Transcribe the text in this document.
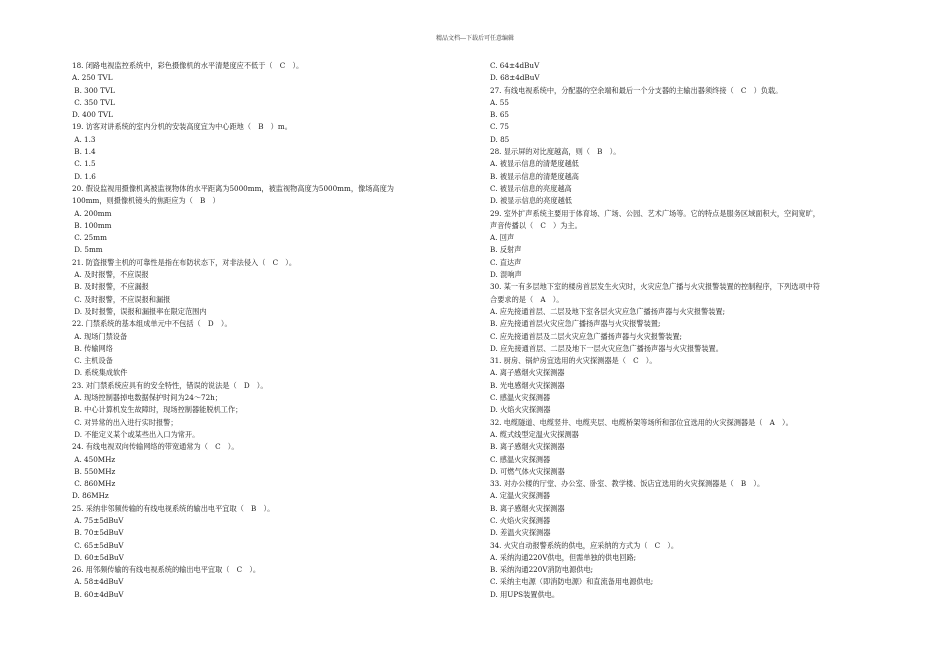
精品文档---下载后可任意编辑
18. 闭路电视监控系统中，彩色摄像机的水平清楚度应不低于（　C　）。
A. 250 TVL
B. 300 TVL
C. 350 TVL
D. 400 TVL
19. 访客对讲系统的室内分机的安装高度宜为中心距地（　B　）m。
A. 1.3
B. 1.4
C. 1.5
D. 1.6
20. 假设监视用摄像机离被监视物体的水平距离为5000mm，被监视物高度为5000mm，像场高度为
100mm，则摄像机镜头的焦距应为（　B　）
A. 200mm
B. 100mm
C. 25mm
D. 5mm
21. 防盗报警主机的可靠性是指在布防状态下，对非法侵入（　C　）。
A. 及时报警，不应误报
B. 及时报警，不应漏报
C. 及时报警，不应误报和漏报
D. 及时报警，误报和漏报率在限定范围内
22. 门禁系统的基本组成单元中不包括（　D　）。
A. 现场门禁设备
B. 传输网络
C. 主机设备
D. 系统集成软件
23. 对门禁系统应具有的安全特性，错误的说法是（　D　）。
A. 现场控制器掉电数据保护时间为24～72h；
B. 中心计算机发生故障时，现场控制器能脱机工作；
C. 对异常的出入进行实时报警；
D. 不能定义某个或某些出入口为常开。
24. 有线电视双向传输网络的带宽通常为（　C　）。
A. 450MHz
B. 550MHz
C. 860MHz
D. 86MHz
25. 采纳非邻频传输的有线电视系统的输出电平宜取（　B　）。
A. 75±5dBuV
B. 70±5dBuV
C. 65±5dBuV
D. 60±5dBuV
26. 用邻频传输的有线电视系统的输出电平宜取（　C　）。
A. 58±4dBuV
B. 60±4dBuV
C. 64±4dBuV
D. 68±4dBuV
27. 有线电视系统中，分配器的空余端和最后一个分支器的主输出器须终接（　C　）负载。
A. 55
B. 65
C. 75
D. 85
28. 显示屏的对比度越高，则（　B　）。
A. 被显示信息的清楚度越低
B. 被显示信息的清楚度越高
C. 被显示信息的亮度越高
D. 被显示信息的亮度越低
29. 室外扩声系统主要用于体育场、广场、公园、艺术广场等。它的特点是服务区域面积大，空间宽旷，
声音传播以（　C　）为主。
A. 回声
B. 反射声
C. 直达声
D. 混响声
30. 某一有多层地下室的楼房首层发生火灾时，火灾应急广播与火灾报警装置的控制程序，下列选项中符
合要求的是（　A　）。
A. 应先接通首层、二层及地下室各层火灾应急广播扬声器与火灾报警装置;
B. 应先接通首层火灾应急广播扬声器与火灾报警装置;
C. 应先接通首层及二层火灾应急广播扬声器与火灾报警装置;
D. 应先接通首层、二层及地下一层火灾应急广播扬声器与火灾报警装置。
31. 厨房、锅炉房宜选用的火灾探测器是（　C　）。
A. 离子感烟火灾探测器
B. 光电感烟火灾探测器
C. 感温火灾探测器
D. 火焰火灾探测器
32. 电缆隧道、电缆竖井、电缆夹层、电缆桥架等场所和部位宜选用的火灾探测器是（　A　）。
A. 缆式线型定温火灾探测器
B. 离子感烟火灾探测器
C. 感温火灾探测器
D. 可燃气体火灾探测器
33. 对办公楼的厅堂、办公室、卧室、教学楼、饭店宜选用的火灾探测器是（　B　）。
A. 定温火灾探测器
B. 离子感烟火灾探测器
C. 火焰火灾探测器
D. 差温火灾探测器
34. 火灾自动报警系统的供电，应采纳的方式为（　C　）。
A. 采纳沟通220V供电，但需单独的供电回路;
B. 采纳沟通220V消防电源供电;
C. 采纳主电源（即消防电源）和直流备用电源供电;
D. 用UPS装置供电。
